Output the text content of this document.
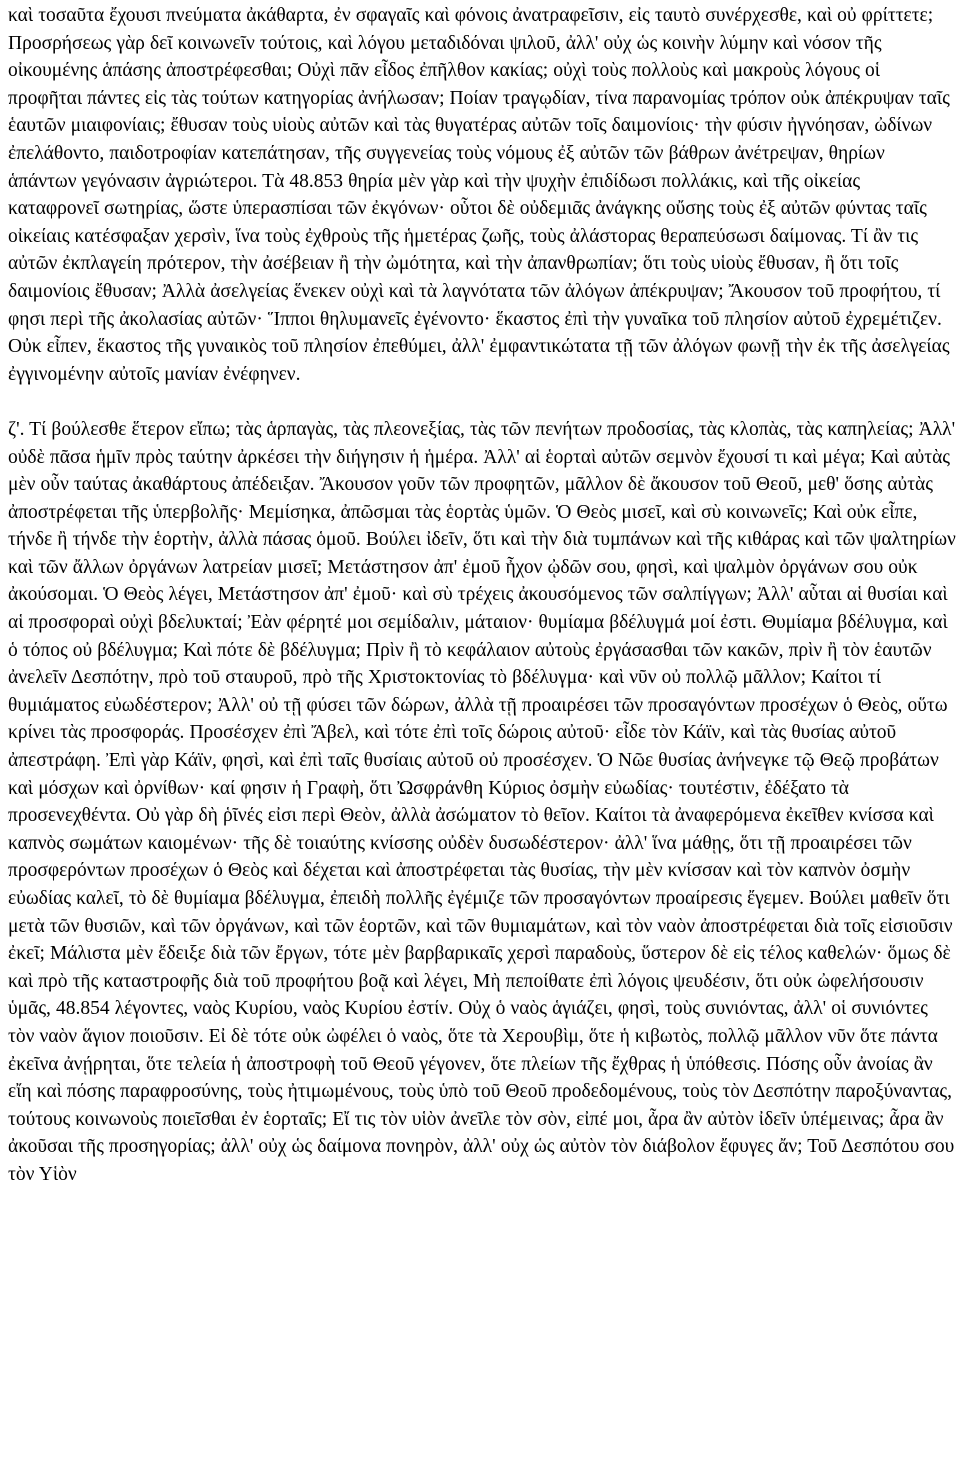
καὶ τοσαῦτα ἔχουσι πνεύματα ἀκάθαρτα, ἐν σφαγαῖς καὶ φόνοις ἀνατραφεῖσιν, εἰς ταυτὸ συνέρχεσθε, καὶ οὐ φρίττετε; Προσρήσεως γὰρ δεῖ κοινωνεῖν τούτοις, καὶ λόγου μεταδιδόναι ψιλοῦ, ἀλλ' οὐχ ὡς κοινὴν λύμην καὶ νόσον τῆς οἰκουμένης ἁπάσης ἀποστρέφεσθαι; Οὐχὶ πᾶν εἶδος ἐπῆλθον κακίας; οὐχὶ τοὺς πολλοὺς καὶ μακροὺς λόγους οἱ προφῆται πάντες εἰς τὰς τούτων κατηγορίας ἀνήλωσαν; Ποίαν τραγῳδίαν, τίνα παρανομίας τρόπον οὐκ ἀπέκρυψαν ταῖς ἑαυτῶν μιαιφονίαις; ἔθυσαν τοὺς υἱοὺς αὐτῶν καὶ τὰς θυγατέρας αὐτῶν τοῖς δαιμονίοις· τὴν φύσιν ἠγνόησαν, ὠδίνων ἐπελάθοντο, παιδοτροφίαν κατεπάτησαν, τῆς συγγενείας τοὺς νόμους ἐξ αὐτῶν τῶν βάθρων ἀνέτρεψαν, θηρίων ἁπάντων γεγόνασιν ἀγριώτεροι. Τὰ 48.853 θηρία μὲν γὰρ καὶ τὴν ψυχὴν ἐπιδίδωσι πολλάκις, καὶ τῆς οἰκείας καταφρονεῖ σωτηρίας, ὥστε ὑπερασπίσαι τῶν ἐκγόνων· οὗτοι δὲ οὐδεμιᾶς ἀνάγκης οὔσης τοὺς ἐξ αὐτῶν φύντας ταῖς οἰκείαις κατέσφαξαν χερσὶν, ἵνα τοὺς ἐχθροὺς τῆς ἡμετέρας ζωῆς, τοὺς ἀλάστορας θεραπεύσωσι δαίμονας. Τί ἂν τις αὐτῶν ἐκπλαγείη πρότερον, τὴν ἀσέβειαν ἢ τὴν ὠμότητα, καὶ τὴν ἀπανθρωπίαν; ὅτι τοὺς υἱοὺς ἔθυσαν, ἢ ὅτι τοῖς δαιμονίοις ἔθυσαν; Ἀλλὰ ἀσελγείας ἕνεκεν οὐχὶ καὶ τὰ λαγνότατα τῶν ἀλόγων ἀπέκρυψαν; Ἄκουσον τοῦ προφήτου, τί φησι περὶ τῆς ἀκολασίας αὐτῶν· Ἵπποι θηλυμανεῖς ἐγένοντο· ἕκαστος ἐπὶ τὴν γυναῖκα τοῦ πλησίον αὐτοῦ ἐχρεμέτιζεν. Οὐκ εἶπεν, ἕκαστος τῆς γυναικὸς τοῦ πλησίον ἐπεθύμει, ἀλλ' ἐμφαντικώτατα τῇ τῶν ἀλόγων φωνῇ τὴν ἐκ τῆς ἀσελγείας ἐγγινομένην αὐτοῖς μανίαν ἐνέφηνεν.

ζ'. Τί βούλεσθε ἕτερον εἴπω; τὰς ἁρπαγὰς, τὰς πλεονεξίας, τὰς τῶν πενήτων προδοσίας, τὰς κλοπὰς, τὰς καπηλείας; Ἀλλ' οὐδὲ πᾶσα ἡμῖν πρὸς ταύτην ἀρκέσει τὴν διήγησιν ἡ ἡμέρα. Ἀλλ' αἱ ἑορταὶ αὐτῶν σεμνὸν ἔχουσί τι καὶ μέγα; Καὶ αὐτὰς μὲν οὖν ταύτας ἀκαθάρτους ἀπέδειξαν. Ἄκουσον γοῦν τῶν προφητῶν, μᾶλλον δὲ ἄκουσον τοῦ Θεοῦ, μεθ' ὅσης αὐτὰς ἀποστρέφεται τῆς ὑπερβολῆς· Μεμίσηκα, ἀπῶσμαι τὰς ἑορτὰς ὑμῶν. Ὁ Θεὸς μισεῖ, καὶ σὺ κοινωνεῖς; Καὶ οὐκ εἶπε, τήνδε ἢ τήνδε τὴν ἑορτὴν, ἀλλὰ πάσας ὁμοῦ. Βούλει ἰδεῖν, ὅτι καὶ τὴν διὰ τυμπάνων καὶ τῆς κιθάρας καὶ τῶν ψαλτηρίων καὶ τῶν ἄλλων ὀργάνων λατρείαν μισεῖ; Μετάστησον ἀπ' ἐμοῦ ἦχον ᾠδῶν σου, φησὶ, καὶ ψαλμὸν ὀργάνων σου οὐκ ἀκούσομαι. Ὁ Θεὸς λέγει, Μετάστησον ἀπ' ἐμοῦ· καὶ σὺ τρέχεις ἀκουσόμενος τῶν σαλπίγγων; Ἀλλ' αὗται αἱ θυσίαι καὶ αἱ προσφοραὶ οὐχὶ βδελυκταί; Ἐὰν φέρητέ μοι σεμίδαλιν, μάταιον· θυμίαμα βδέλυγμά μοί ἐστι. Θυμίαμα βδέλυγμα, καὶ ὁ τόπος οὐ βδέλυγμα; Καὶ πότε δὲ βδέλυγμα; Πρὶν ἢ τὸ κεφάλαιον αὐτοὺς ἐργάσασθαι τῶν κακῶν, πρὶν ἢ τὸν ἑαυτῶν ἀνελεῖν Δεσπότην, πρὸ τοῦ σταυροῦ, πρὸ τῆς Χριστοκτονίας τὸ βδέλυγμα· καὶ νῦν οὐ πολλῷ μᾶλλον; Καίτοι τί θυμιάματος εὐωδέστερον; Ἀλλ' οὐ τῇ φύσει τῶν δώρων, ἀλλὰ τῇ προαιρέσει τῶν προσαγόντων προσέχων ὁ Θεὸς, οὕτω κρίνει τὰς προσφοράς. Προσέσχεν ἐπὶ Ἄβελ, καὶ τότε ἐπὶ τοῖς δώροις αὐτοῦ· εἶδε τὸν Κάϊν, καὶ τὰς θυσίας αὐτοῦ ἀπεστράφη. Ἐπὶ γὰρ Κάϊν, φησὶ, καὶ ἐπὶ ταῖς θυσίαις αὐτοῦ οὐ προσέσχεν. Ὁ Νῶε θυσίας ἀνήνεγκε τῷ Θεῷ προβάτων καὶ μόσχων καὶ ὀρνίθων· καί φησιν ἡ Γραφὴ, ὅτι Ὠσφράνθη Κύριος ὀσμὴν εὐωδίας· τουτέστιν, ἐδέξατο τὰ προσενεχθέντα. Οὐ γὰρ δὴ ῥῖνές εἰσι περὶ Θεὸν, ἀλλὰ ἀσώματον τὸ θεῖον. Καίτοι τὰ ἀναφερόμενα ἐκεῖθεν κνίσσα καὶ καπνὸς σωμάτων καιομένων· τῆς δὲ τοιαύτης κνίσσης οὐδὲν δυσωδέστερον· ἀλλ' ἵνα μάθῃς, ὅτι τῇ προαιρέσει τῶν προσφερόντων προσέχων ὁ Θεὸς καὶ δέχεται καὶ ἀποστρέφεται τὰς θυσίας, τὴν μὲν κνίσσαν καὶ τὸν καπνὸν ὀσμὴν εὐωδίας καλεῖ, τὸ δὲ θυμίαμα βδέλυγμα, ἐπειδὴ πολλῆς ἐγέμιζε τῶν προσαγόντων προαίρεσις ἔγεμεν. Βούλει μαθεῖν ὅτι μετὰ τῶν θυσιῶν, καὶ τῶν ὀργάνων, καὶ τῶν ἑορτῶν, καὶ τῶν θυμιαμάτων, καὶ τὸν ναὸν ἀποστρέφεται διὰ τοῖς εἰσιοῦσιν ἐκεῖ; Μάλιστα μὲν ἔδειξε διὰ τῶν ἔργων, τότε μὲν βαρβαρικαῖς χερσὶ παραδοὺς, ὕστερον δὲ εἰς τέλος καθελών· ὅμως δὲ καὶ πρὸ τῆς καταστροφῆς διὰ τοῦ προφήτου βοᾷ καὶ λέγει, Μὴ πεποίθατε ἐπὶ λόγοις ψευδέσιν, ὅτι οὐκ ὠφελήσουσιν ὑμᾶς, 48.854 λέγοντες, ναὸς Κυρίου, ναὸς Κυρίου ἐστίν. Οὐχ ὁ ναὸς ἁγιάζει, φησὶ, τοὺς συνιόντας, ἀλλ' οἱ συνιόντες τὸν ναὸν ἅγιον ποιοῦσιν. Εἰ δὲ τότε οὐκ ὠφέλει ὁ ναὸς, ὅτε τὰ Χερουβὶμ, ὅτε ἡ κιβωτὸς, πολλῷ μᾶλλον νῦν ὅτε πάντα ἐκεῖνα ἀνῄρηται, ὅτε τελεία ἡ ἀποστροφὴ τοῦ Θεοῦ γέγονεν, ὅτε πλείων τῆς ἔχθρας ἡ ὑπόθεσις. Πόσης οὖν ἀνοίας ἂν εἴη καὶ πόσης παραφροσύνης, τοὺς ἠτιμωμένους, τοὺς ὑπὸ τοῦ Θεοῦ προδεδομένους, τοὺς τὸν Δεσπότην παροξύναντας, τούτους κοινωνοὺς ποιεῖσθαι ἐν ἑορταῖς; Εἴ τις τὸν υἱὸν ἀνεῖλε τὸν σὸν, εἰπέ μοι, ἆρα ἂν αὐτὸν ἰδεῖν ὑπέμεινας; ἆρα ἂν ἀκοῦσαι τῆς προσηγορίας; ἀλλ' οὐχ ὡς δαίμονα πονηρὸν, ἀλλ' οὐχ ὡς αὐτὸν τὸν διάβολον ἔφυγες ἄν; Τοῦ Δεσπότου σου τὸν Υἱὸν
